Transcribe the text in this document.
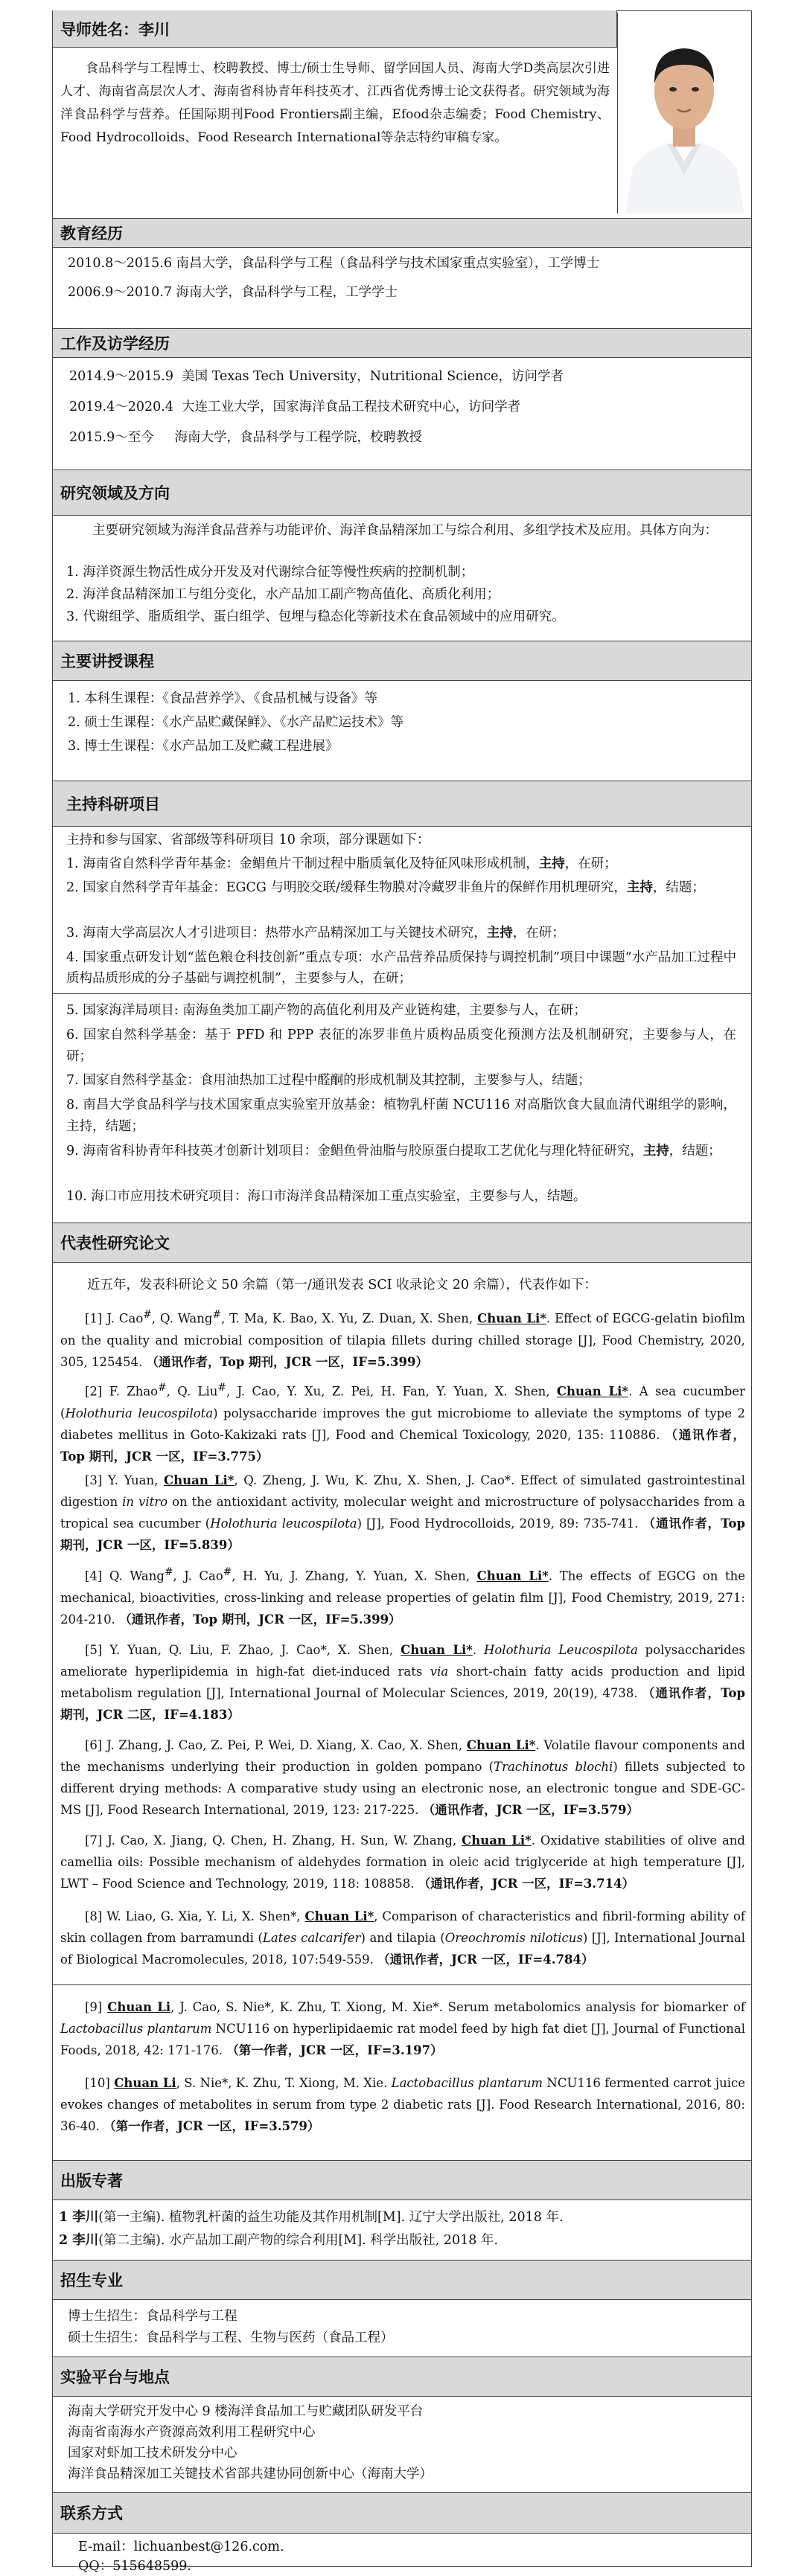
导师姓名：李川
食品科学与工程博士、校聘教授、博士/硕士生导师、留学回国人员、海南大学D类高层次引进人才、海南省高层次人才、海南省科协青年科技英才、江西省优秀博士论文获得者。研究领域为海洋食品科学与营养。任国际期刊Food Frontiers副主编，Efood杂志编委；Food Chemistry、Food Hydrocolloids、Food Research International等杂志特约审稿专家。
教育经历
2010.8～2015.6 南昌大学，食品科学与工程（食品科学与技术国家重点实验室），工学博士
2006.9～2010.7 海南大学，食品科学与工程，工学学士
工作及访学经历
2014.9～2015.9  美国 Texas Tech University，Nutritional Science，访问学者
2019.4～2020.4  大连工业大学，国家海洋食品工程技术研究中心，访问学者
2015.9～至今     海南大学，食品科学与工程学院，校聘教授
研究领域及方向
主要研究领域为海洋食品营养与功能评价、海洋食品精深加工与综合利用、多组学技术及应用。具体方向为：
1. 海洋资源生物活性成分开发及对代谢综合征等慢性疾病的控制机制；
2. 海洋食品精深加工与组分变化，水产品加工副产物高值化、高质化利用；
3. 代谢组学、脂质组学、蛋白组学、包埋与稳态化等新技术在食品领域中的应用研究。
主要讲授课程
1. 本科生课程：《食品营养学》、《食品机械与设备》等
2. 硕士生课程：《水产品贮藏保鲜》、《水产品贮运技术》等
3. 博士生课程：《水产品加工及贮藏工程进展》
主持科研项目
主持和参与国家、省部级等科研项目 10 余项，部分课题如下：
1. 海南省自然科学青年基金：金鲳鱼片干制过程中脂质氧化及特征风味形成机制，主持，在研；
2. 国家自然科学青年基金：EGCG 与明胶交联/缓释生物膜对冷藏罗非鱼片的保鲜作用机理研究，主持，结题；
3. 海南大学高层次人才引进项目：热带水产品精深加工与关键技术研究，主持，在研；
4. 国家重点研发计划“蓝色粮仓科技创新”重点专项：水产品营养品质保持与调控机制”项目中课题“水产品加工过程中质构品质形成的分子基础与调控机制”，主要参与人，在研；
5. 国家海洋局项目: 南海鱼类加工副产物的高值化利用及产业链构建，主要参与人，在研；
6. 国家自然科学基金：基于 PFD 和 PPP 表征的冻罗非鱼片质构品质变化预测方法及机制研究，主要参与人，在研；
7. 国家自然科学基金：食用油热加工过程中醛酮的形成机制及其控制，主要参与人，结题；
8. 南昌大学食品科学与技术国家重点实验室开放基金：植物乳杆菌 NCU116 对高脂饮食大鼠血清代谢组学的影响，主持，结题；
9. 海南省科协青年科技英才创新计划项目：金鲳鱼骨油脂与胶原蛋白提取工艺优化与理化特征研究，主持，结题；
10. 海口市应用技术研究项目：海口市海洋食品精深加工重点实验室，主要参与人，结题。
代表性研究论文
近五年，发表科研论文 50 余篇（第一/通讯发表 SCI 收录论文 20 余篇），代表作如下：
[1] J. Cao#, Q. Wang#, T. Ma, K. Bao, X. Yu, Z. Duan, X. Shen, Chuan Li*. Effect of EGCG-gelatin biofilm on the quality and microbial composition of tilapia fillets during chilled storage [J], Food Chemistry, 2020, 305, 125454. （通讯作者，Top 期刊，JCR 一区，IF=5.399）
[2] F. Zhao#, Q. Liu#, J. Cao, Y. Xu, Z. Pei, H. Fan, Y. Yuan, X. Shen, Chuan Li*. A sea cucumber (Holothuria leucospilota) polysaccharide improves the gut microbiome to alleviate the symptoms of type 2 diabetes mellitus in Goto-Kakizaki rats [J], Food and Chemical Toxicology, 2020, 135: 110886. （通讯作者，Top 期刊，JCR 一区，IF=3.775）
[3] Y. Yuan, Chuan Li*, Q. Zheng, J. Wu, K. Zhu, X. Shen, J. Cao*. Effect of simulated gastrointestinal digestion in vitro on the antioxidant activity, molecular weight and microstructure of polysaccharides from a tropical sea cucumber (Holothuria leucospilota) [J], Food Hydrocolloids, 2019, 89: 735-741. （通讯作者，Top 期刊，JCR 一区，IF=5.839）
[4] Q. Wang#, J. Cao#, H. Yu, J. Zhang, Y. Yuan, X. Shen, Chuan Li*. The effects of EGCG on the mechanical, bioactivities, cross-linking and release properties of gelatin film [J], Food Chemistry, 2019, 271: 204-210. （通讯作者，Top 期刊，JCR 一区，IF=5.399）
[5] Y. Yuan, Q. Liu, F. Zhao, J. Cao*, X. Shen, Chuan Li*. Holothuria Leucospilota polysaccharides ameliorate hyperlipidemia in high-fat diet-induced rats via short-chain fatty acids production and lipid metabolism regulation [J], International Journal of Molecular Sciences, 2019, 20(19), 4738. （通讯作者，Top 期刊，JCR 二区，IF=4.183）
[6] J. Zhang, J. Cao, Z. Pei, P. Wei, D. Xiang, X. Cao, X. Shen, Chuan Li*. Volatile flavour components and the mechanisms underlying their production in golden pompano (Trachinotus blochi) fillets subjected to different drying methods: A comparative study using an electronic nose, an electronic tongue and SDE-GC-MS [J], Food Research International, 2019, 123: 217-225. （通讯作者，JCR 一区，IF=3.579）
[7] J. Cao, X. Jiang, Q. Chen, H. Zhang, H. Sun, W. Zhang, Chuan Li*. Oxidative stabilities of olive and camellia oils: Possible mechanism of aldehydes formation in oleic acid triglyceride at high temperature [J], LWT – Food Science and Technology, 2019, 118: 108858. （通讯作者，JCR 一区，IF=3.714）
[8] W. Liao, G. Xia, Y. Li, X. Shen*, Chuan Li*, Comparison of characteristics and fibril-forming ability of skin collagen from barramundi (Lates calcarifer) and tilapia (Oreochromis niloticus) [J], International Journal of Biological Macromolecules, 2018, 107:549-559. （通讯作者，JCR 一区，IF=4.784）
[9] Chuan Li, J. Cao, S. Nie*, K. Zhu, T. Xiong, M. Xie*. Serum metabolomics analysis for biomarker of Lactobacillus plantarum NCU116 on hyperlipidaemic rat model feed by high fat diet [J], Journal of Functional Foods, 2018, 42: 171-176. （第一作者，JCR 一区，IF=3.197）
[10] Chuan Li, S. Nie*, K. Zhu, T. Xiong, M. Xie. Lactobacillus plantarum NCU116 fermented carrot juice evokes changes of metabolites in serum from type 2 diabetic rats [J]. Food Research International, 2016, 80: 36-40. （第一作者，JCR 一区，IF=3.579）
出版专著
1 李川(第一主编). 植物乳杆菌的益生功能及其作用机制[M]. 辽宁大学出版社, 2018 年.
2 李川(第二主编). 水产品加工副产物的综合利用[M]. 科学出版社, 2018 年.
招生专业
博士生招生：食品科学与工程
硕士生招生：食品科学与工程、生物与医药（食品工程）
实验平台与地点
海南大学研究开发中心 9 楼海洋食品加工与贮藏团队研发平台
海南省南海水产资源高效利用工程研究中心
国家对虾加工技术研发分中心
海洋食品精深加工关键技术省部共建协同创新中心（海南大学）
联系方式
E-mail：lichuanbest@126.com.
QQ：515648599.
